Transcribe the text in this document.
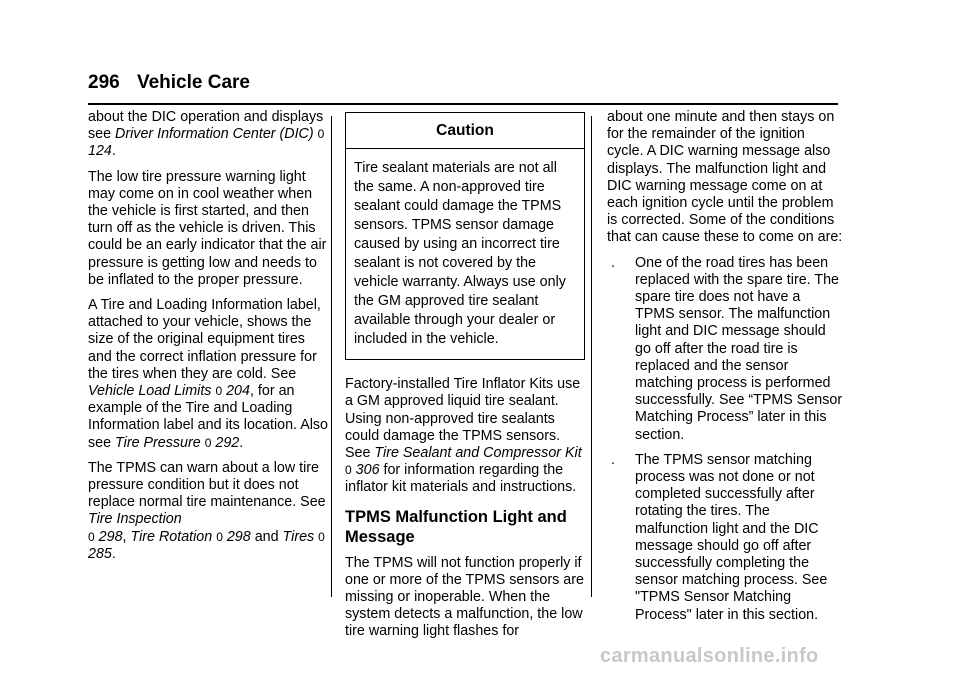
296 Vehicle Care

about the DIC operation and displays see Driver Information Center (DIC) 0 124.

The low tire pressure warning light may come on in cool weather when the vehicle is first started, and then turn off as the vehicle is driven. This could be an early indicator that the air pressure is getting low and needs to be inflated to the proper pressure.

A Tire and Loading Information label, attached to your vehicle, shows the size of the original equipment tires and the correct inflation pressure for the tires when they are cold. See Vehicle Load Limits 0 204, for an example of the Tire and Loading Information label and its location. Also see Tire Pressure 0 292.

The TPMS can warn about a low tire pressure condition but it does not replace normal tire maintenance. See Tire Inspection
0 298, Tire Rotation 0 298 and Tires 0 285.

Caution
Tire sealant materials are not all the same. A non-approved tire sealant could damage the TPMS sensors. TPMS sensor damage caused by using an incorrect tire sealant is not covered by the vehicle warranty. Always use only the GM approved tire sealant available through your dealer or included in the vehicle.

Factory-installed Tire Inflator Kits use a GM approved liquid tire sealant. Using non-approved tire sealants could damage the TPMS sensors. See Tire Sealant and Compressor Kit 0 306 for information regarding the inflator kit materials and instructions.

TPMS Malfunction Light and Message

The TPMS will not function properly if one or more of the TPMS sensors are missing or inoperable. When the system detects a malfunction, the low tire warning light flashes for

about one minute and then stays on for the remainder of the ignition cycle. A DIC warning message also displays. The malfunction light and DIC warning message come on at each ignition cycle until the problem is corrected. Some of the conditions that can cause these to come on are:

.	One of the road tires has been replaced with the spare tire. The spare tire does not have a TPMS sensor. The malfunction light and DIC message should go off after the road tire is replaced and the sensor matching process is performed successfully. See “TPMS Sensor Matching Process” later in this section.
.	The TPMS sensor matching process was not done or not completed successfully after rotating the tires. The malfunction light and the DIC message should go off after successfully completing the sensor matching process. See "TPMS Sensor Matching Process" later in this section.
carmanualsonline.info
